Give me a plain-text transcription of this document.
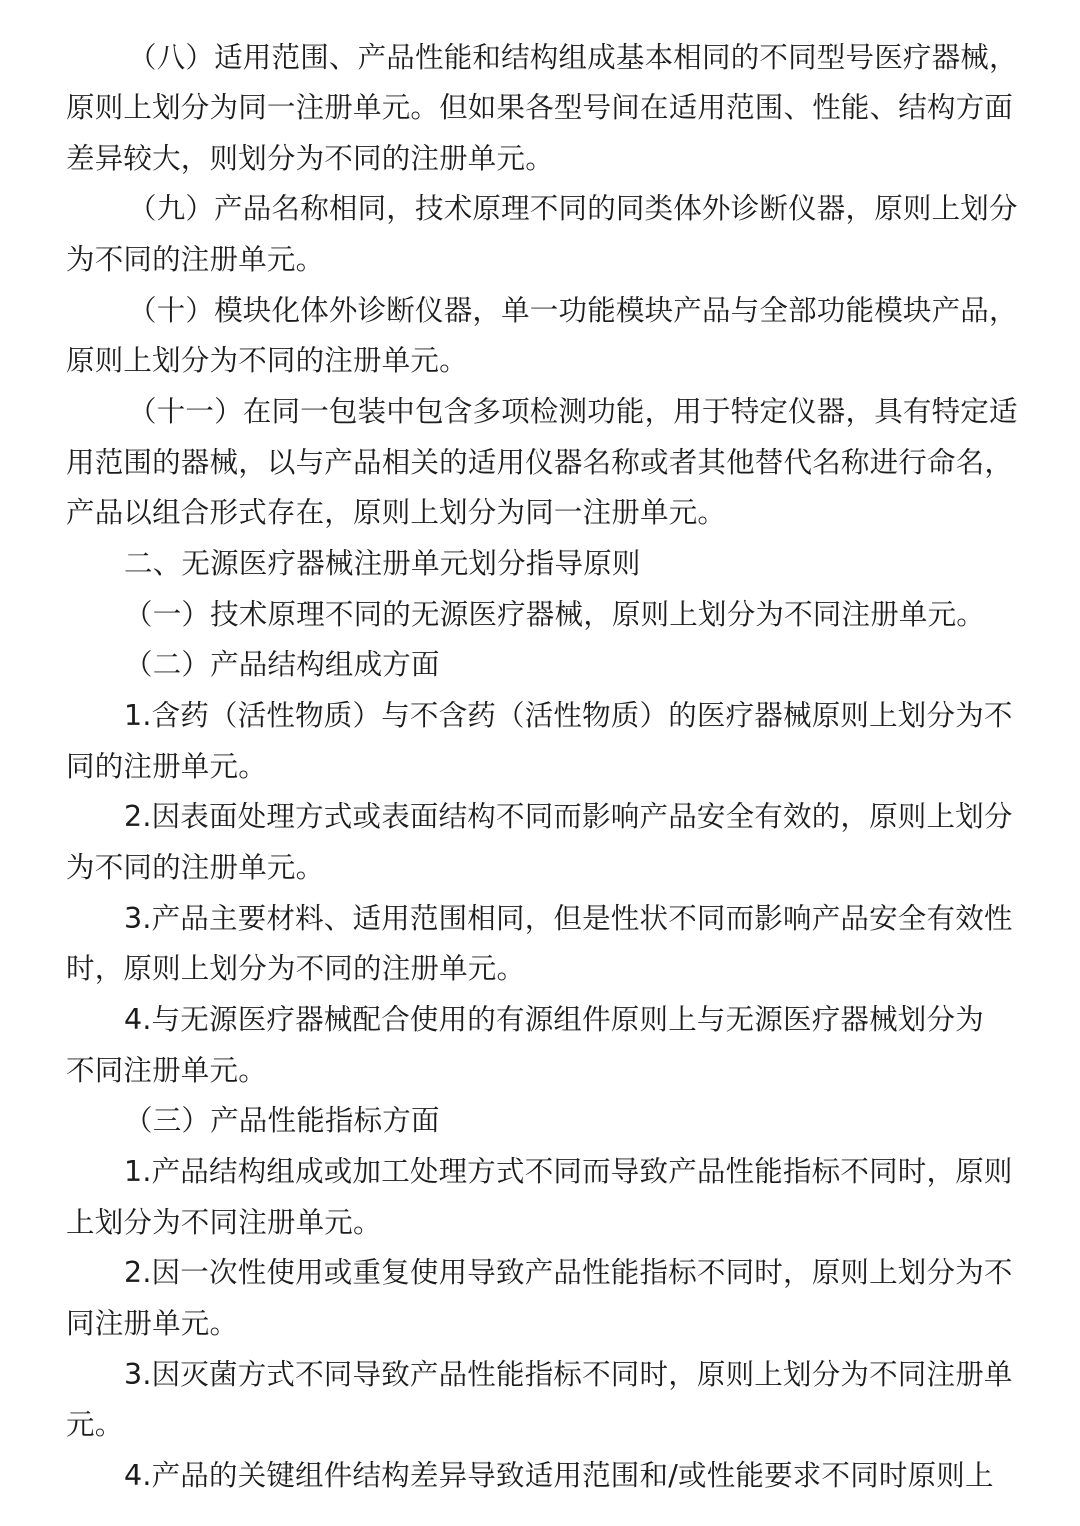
（八）适用范围、产品性能和结构组成基本相同的不同型号医疗器械，
原则上划分为同一注册单元。但如果各型号间在适用范围、性能、结构方面
差异较大，则划分为不同的注册单元。
（九）产品名称相同，技术原理不同的同类体外诊断仪器，原则上划分
为不同的注册单元。
（十）模块化体外诊断仪器，单一功能模块产品与全部功能模块产品，
原则上划分为不同的注册单元。
（十一）在同一包装中包含多项检测功能，用于特定仪器，具有特定适
用范围的器械，以与产品相关的适用仪器名称或者其他替代名称进行命名，
产品以组合形式存在，原则上划分为同一注册单元。
二、无源医疗器械注册单元划分指导原则
（一）技术原理不同的无源医疗器械，原则上划分为不同注册单元。
（二）产品结构组成方面
1.含药（活性物质）与不含药（活性物质）的医疗器械原则上划分为不
同的注册单元。
2.因表面处理方式或表面结构不同而影响产品安全有效的，原则上划分
为不同的注册单元。
3.产品主要材料、适用范围相同，但是性状不同而影响产品安全有效性
时，原则上划分为不同的注册单元。
4.与无源医疗器械配合使用的有源组件原则上与无源医疗器械划分为
不同注册单元。
（三）产品性能指标方面
1.产品结构组成或加工处理方式不同而导致产品性能指标不同时，原则
上划分为不同注册单元。
2.因一次性使用或重复使用导致产品性能指标不同时，原则上划分为不
同注册单元。
3.因灭菌方式不同导致产品性能指标不同时，原则上划分为不同注册单
元。
4.产品的关键组件结构差异导致适用范围和/或性能要求不同时原则上
